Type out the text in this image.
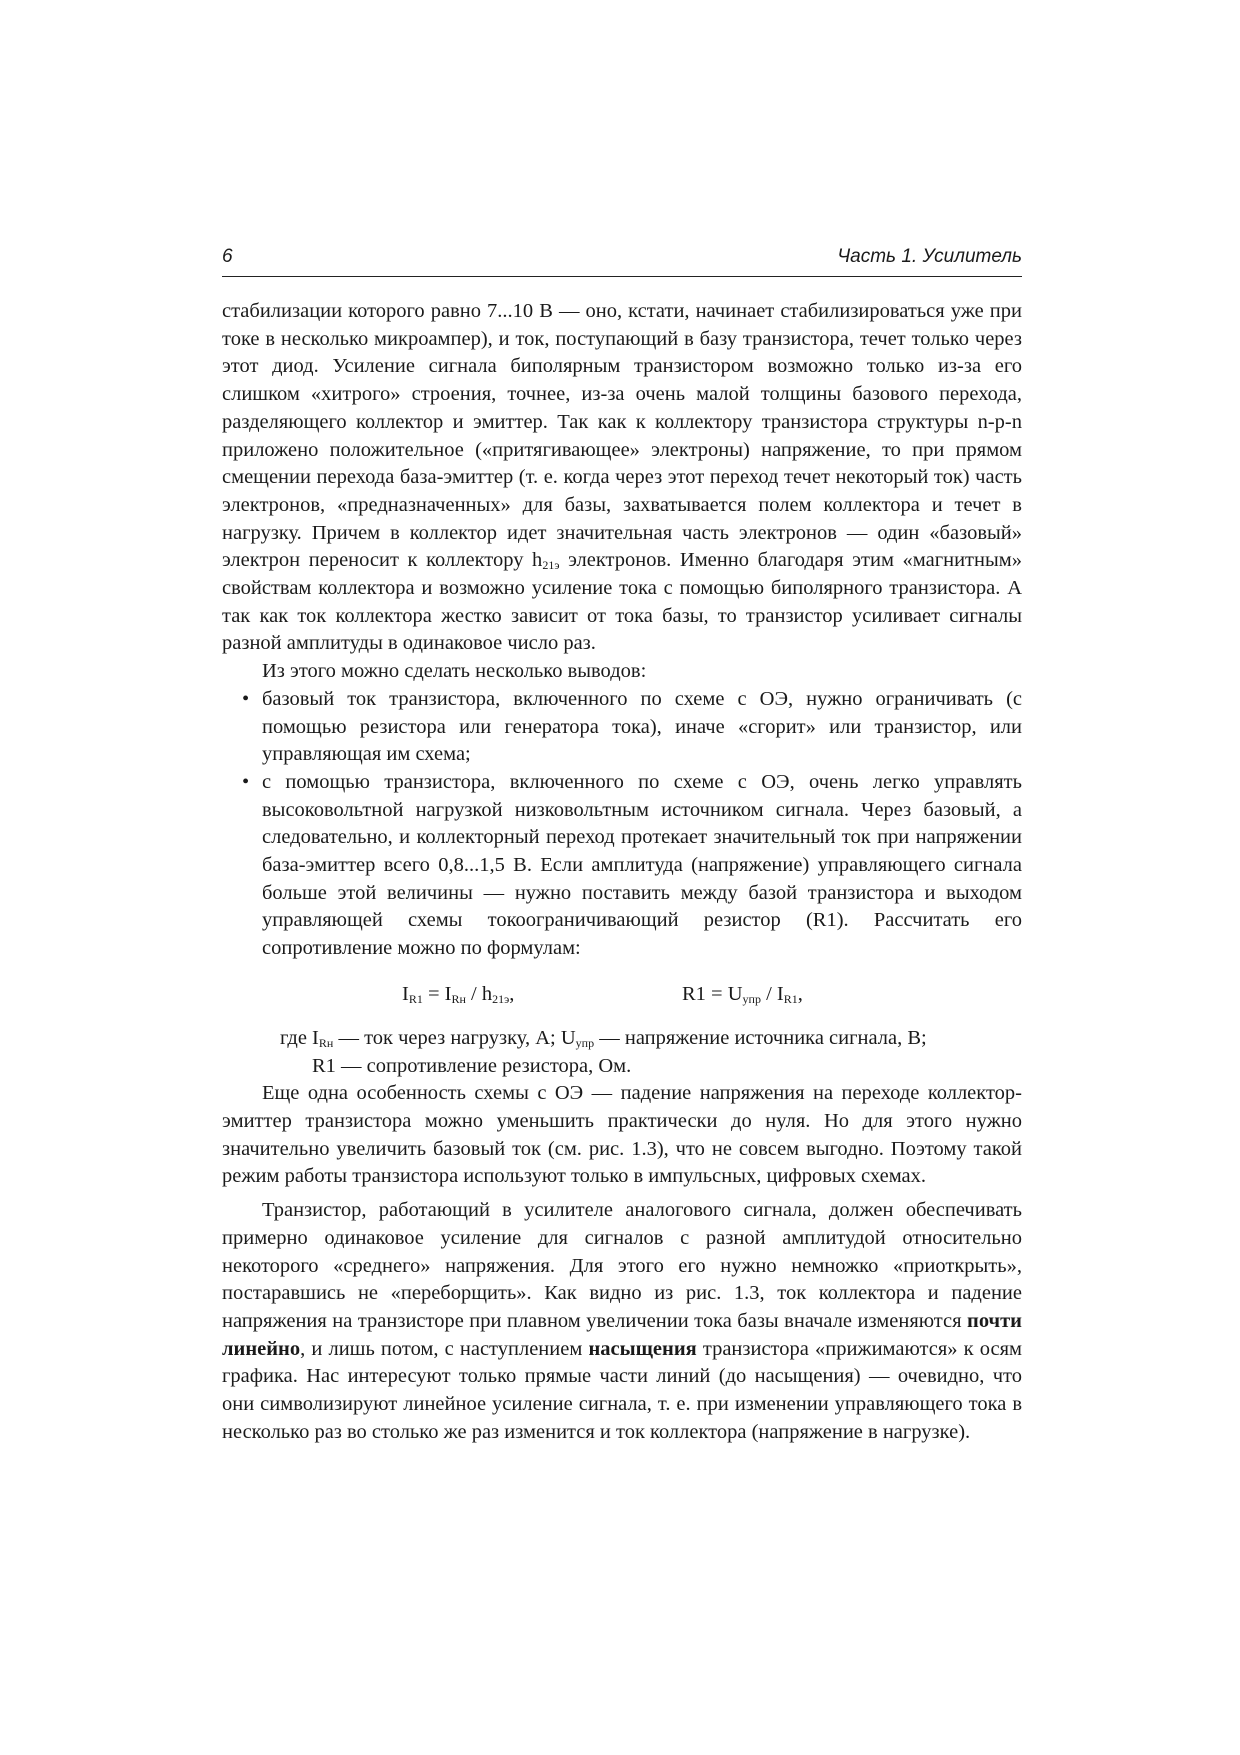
6	Часть 1. Усилитель

стабилизации которого равно 7...10 В — оно, кстати, начинает стабилизироваться уже при токе в несколько микроампер), и ток, поступающий в базу транзистора, течет только через этот диод. Усиление сигнала биполярным транзистором возможно только из-за его слишком «хитрого» строения, точнее, из-за очень малой толщины базового перехода, разделяющего коллектор и эмиттер. Так как к коллектору транзистора структуры n-p-n приложено положительное («притягивающее» электроны) напряжение, то при прямом смещении перехода база-эмиттер (т. е. когда через этот переход течет некоторый ток) часть электронов, «предназначенных» для базы, захватывается полем коллектора и течет в нагрузку. Причем в коллектор идет значительная часть электронов — один «базовый» электрон переносит к коллектору $h_{21э}$ электронов. Именно благодаря этим «магнитным» свойствам коллектора и возможно усиление тока с помощью биполярного транзистора. А так как ток коллектора жестко зависит от тока базы, то транзистор усиливает сигналы разной амплитуды в одинаковое число раз.

Из этого можно сделать несколько выводов:

• базовый ток транзистора, включенного по схеме с ОЭ, нужно ограничивать (с помощью резистора или генератора тока), иначе «сгорит» или транзистор, или управляющая им схема;
• с помощью транзистора, включенного по схеме с ОЭ, очень легко управлять высоковольтной нагрузкой низковольтным источником сигнала. Через базовый, а следовательно, и коллекторный переход протекает значительный ток при напряжении база-эмиттер всего 0,8...1,5 В. Если амплитуда (напряжение) управляющего сигнала больше этой величины — нужно поставить между базой транзистора и выходом управляющей схемы токоограничивающий резистор (R1). Рассчитать его сопротивление можно по формулам:
$I_{R1} = I_{Rн} / h_{21э}$,	$R1 = U_{упр} / I_{R1}$,

где $I_{Rн}$ — ток через нагрузку, А; $U_{упр}$ — напряжение источника сигнала, В;

R1 — сопротивление резистора, Ом.

Еще одна особенность схемы с ОЭ — падение напряжения на переходе коллектор-эмиттер транзистора можно уменьшить практически до нуля. Но для этого нужно значительно увеличить базовый ток (см. рис. 1.3), что не совсем выгодно. Поэтому такой режим работы транзистора используют только в импульсных, цифровых схемах.

Транзистор, работающий в усилителе аналогового сигнала, должен обеспечивать примерно одинаковое усиление для сигналов с разной амплитудой относительно некоторого «среднего» напряжения. Для этого его нужно немножко «приоткрыть», постаравшись не «переборщить». Как видно из рис. 1.3, ток коллектора и падение напряжения на транзисторе при плавном увеличении тока базы вначале изменяются почти линейно, и лишь потом, с наступлением насыщения транзистора «прижимаются» к осям графика. Нас интересуют только прямые части линий (до насыщения) — очевидно, что они символизируют линейное усиление сигнала, т. е. при изменении управляющего тока в несколько раз во столько же раз изменится и ток коллектора (напряжение в нагрузке).
